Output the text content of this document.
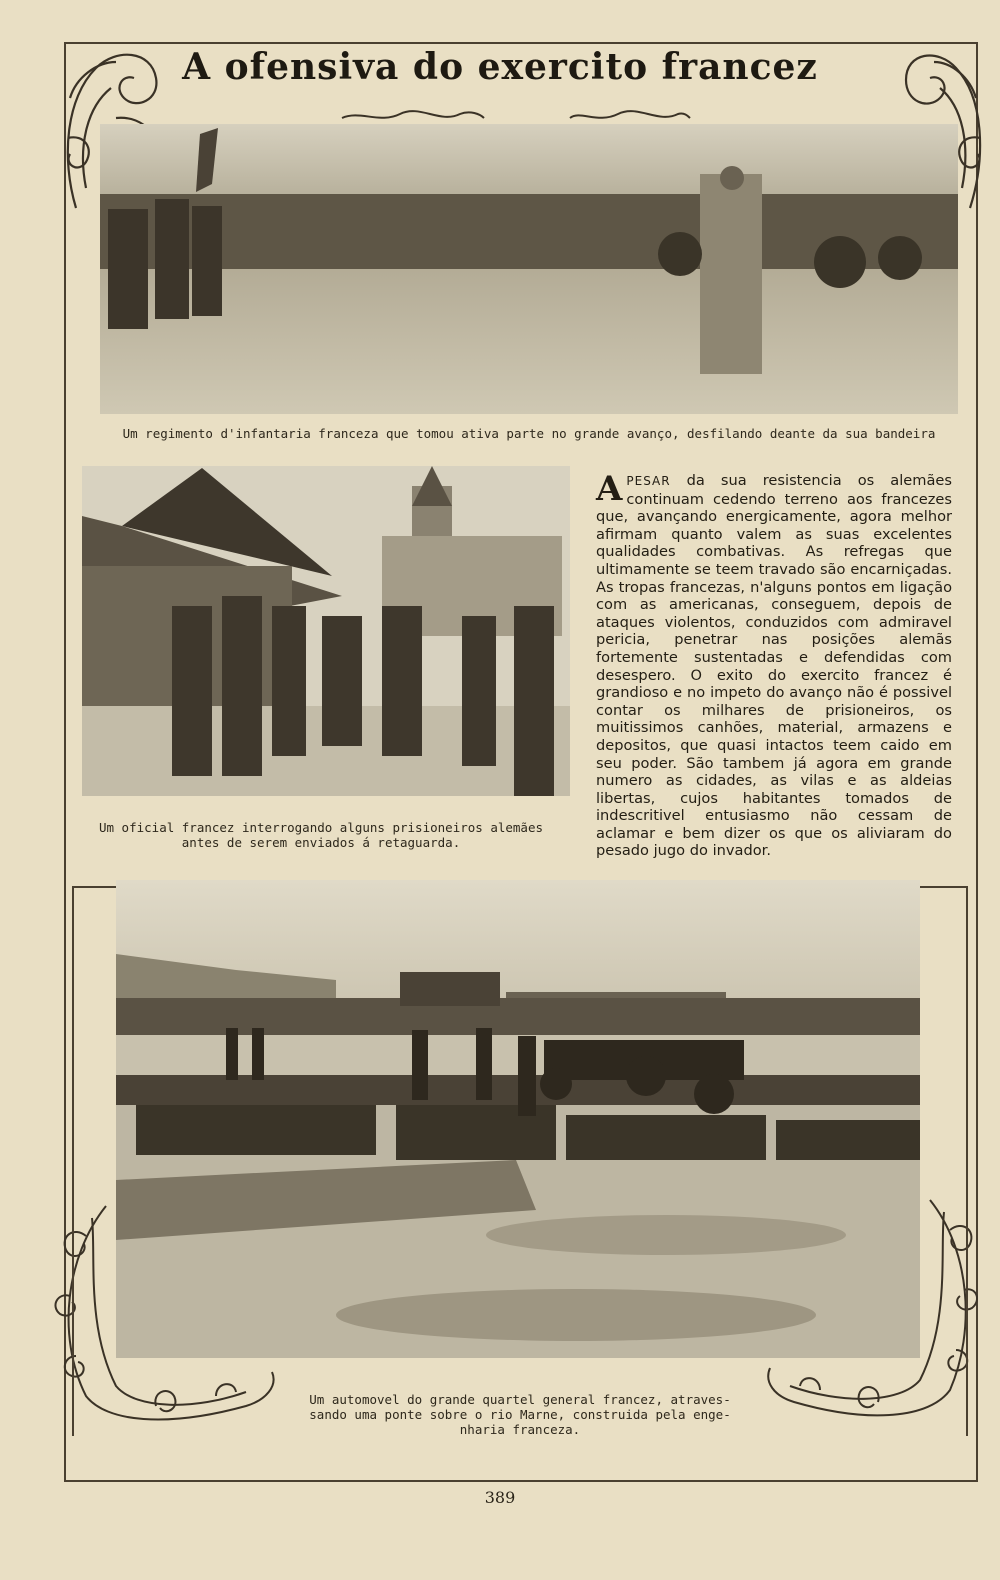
A ofensiva do exercito francez
Um regimento d'infantaria franceza que tomou ativa parte no grande avanço, desfilando deante da sua bandeira
Um oficial francez interrogando alguns prisioneiros alemães
antes de serem enviados á retaguarda.
APESAR da sua resistencia os alemães continuam cedendo terreno aos francezes que, avançando energicamente, agora melhor afirmam quanto valem as suas excelentes qualidades combativas. As refregas que ultimamente se teem travado são encarniçadas. As tropas francezas, n'alguns pontos em ligação com as americanas, conseguem, depois de ataques violentos, conduzidos com admiravel pericia, penetrar nas posições alemãs fortemente sustentadas e defendidas com desespero. O exito do exercito francez é grandioso e no impeto do avanço não é possivel contar os milhares de prisioneiros, os muitissimos canhões, material, armazens e depositos, que quasi intactos teem caido em seu poder. São tambem já agora em grande numero as cidades, as vilas e as aldeias libertas, cujos habitantes tomados de indescritivel entusiasmo não cessam de aclamar e bem dizer os que os aliviaram do pesado jugo do invador.
Um automovel do grande quartel general francez, atraves-
sando uma ponte sobre o rio Marne, construida pela enge-
nharia franceza.
389
